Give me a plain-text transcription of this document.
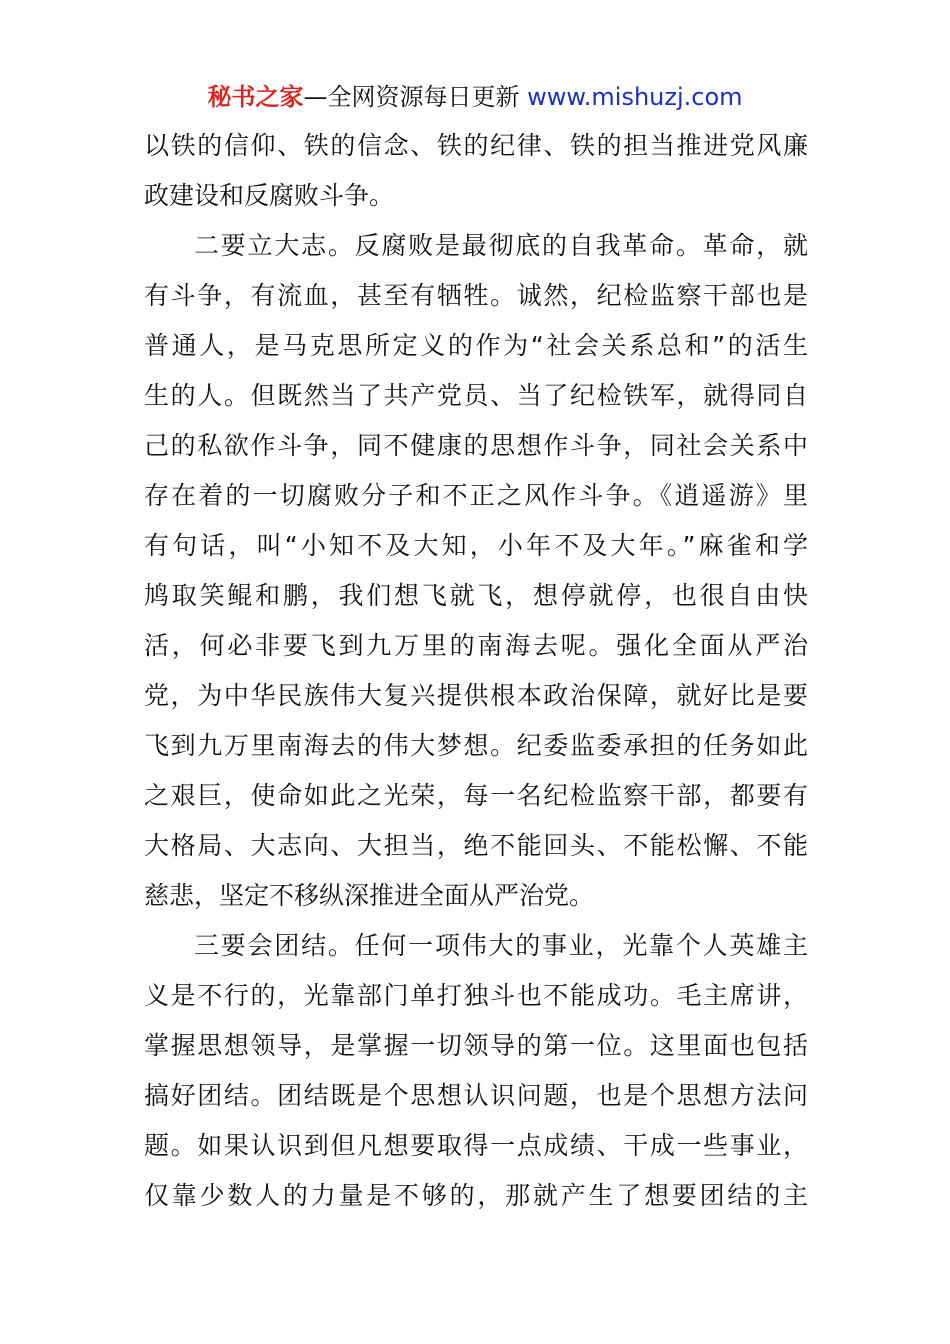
秘书之家—全网资源每日更新 www.mishuzj.com
以铁的信仰、铁的信念、铁的纪律、铁的担当推进党风廉
政建设和反腐败斗争。
二要立大志。反腐败是最彻底的自我革命。革命，就
有斗争，有流血，甚至有牺牲。诚然，纪检监察干部也是
普通人，是马克思所定义的作为“社会关系总和”的活生
生的人。但既然当了共产党员、当了纪检铁军，就得同自
己的私欲作斗争，同不健康的思想作斗争，同社会关系中
存在着的一切腐败分子和不正之风作斗争。《逍遥游》里
有句话，叫“小知不及大知，小年不及大年。”麻雀和学
鸠取笑鲲和鹏，我们想飞就飞，想停就停，也很自由快
活，何必非要飞到九万里的南海去呢。强化全面从严治
党，为中华民族伟大复兴提供根本政治保障，就好比是要
飞到九万里南海去的伟大梦想。纪委监委承担的任务如此
之艰巨，使命如此之光荣，每一名纪检监察干部，都要有
大格局、大志向、大担当，绝不能回头、不能松懈、不能
慈悲，坚定不移纵深推进全面从严治党。
三要会团结。任何一项伟大的事业，光靠个人英雄主
义是不行的，光靠部门单打独斗也不能成功。毛主席讲，
掌握思想领导，是掌握一切领导的第一位。这里面也包括
搞好团结。团结既是个思想认识问题，也是个思想方法问
题。如果认识到但凡想要取得一点成绩、干成一些事业，
仅靠少数人的力量是不够的，那就产生了想要团结的主
